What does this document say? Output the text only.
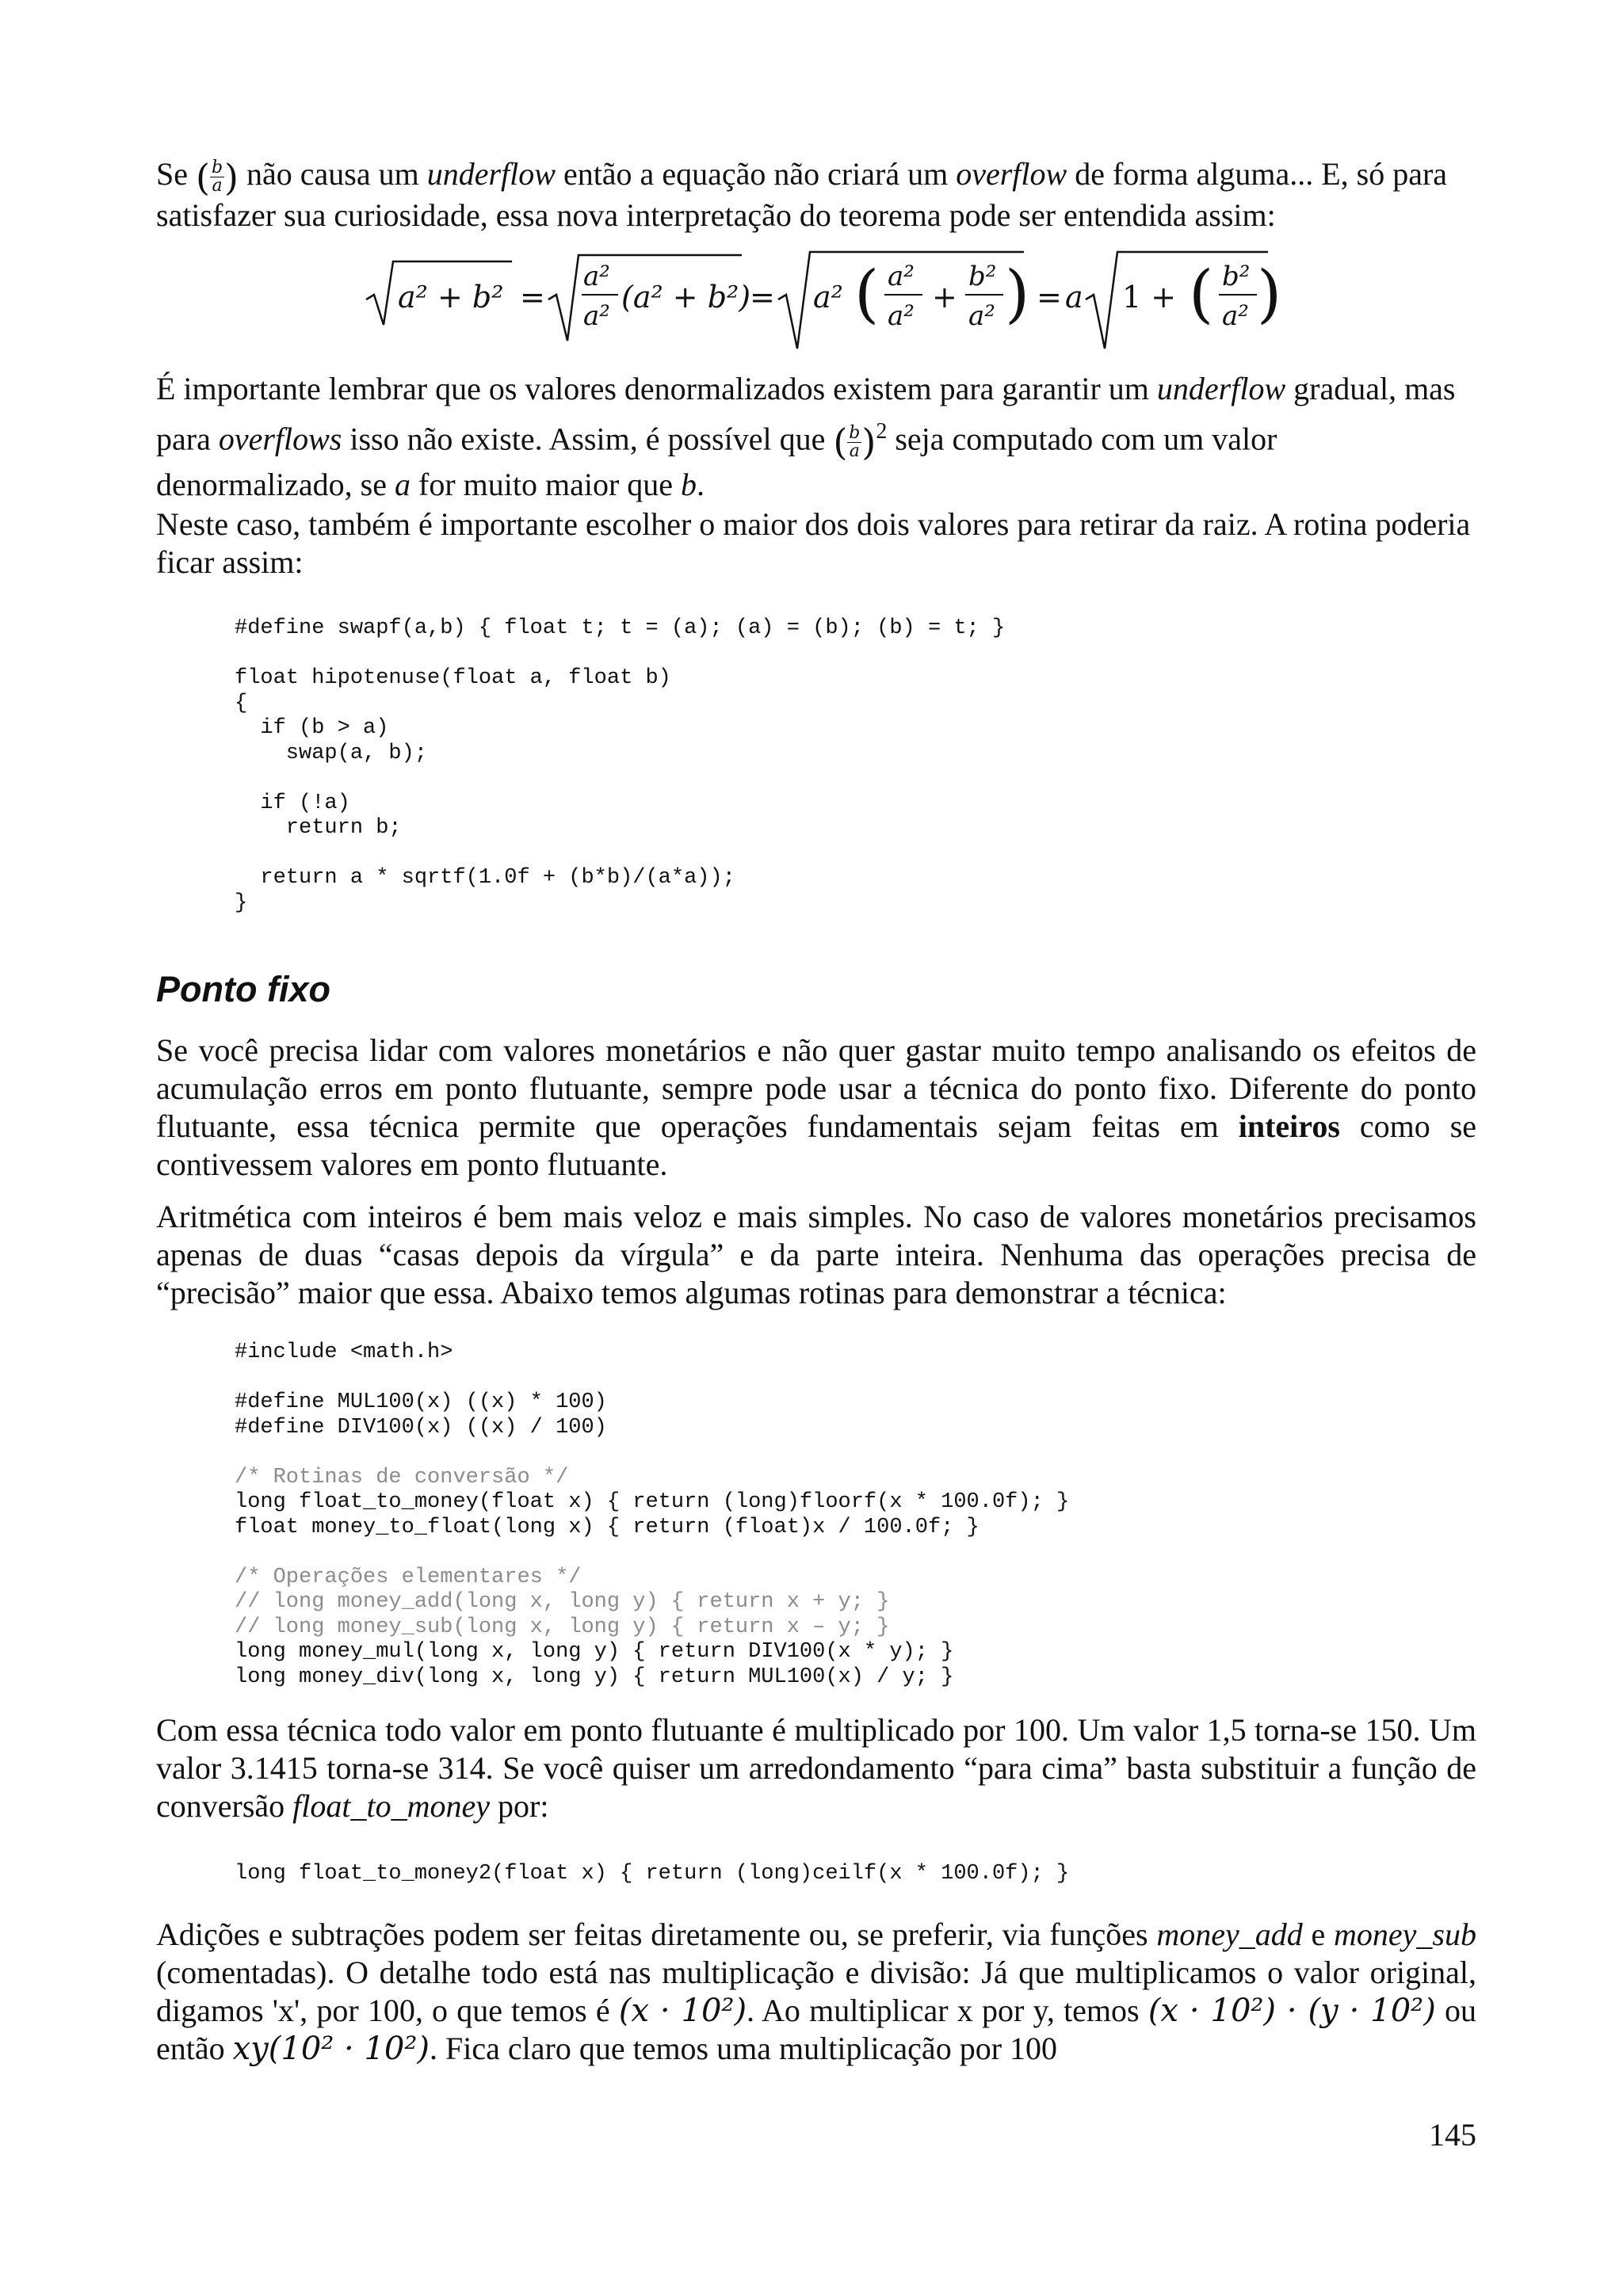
Se ( $\frac{b}{a}$ ) não causa um underflow então a equação não criará um overflow de forma alguma... E, só para satisfazer sua curiosidade, essa nova interpretação do teorema pode ser entendida assim:

a² + b² =
a²
a²
(a² + b²)
= a² ( a²
a²
+
b²
a² ) = a 1 + ( b²
a² )

É importante lembrar que os valores denormalizados existem para garantir um underflow gradual, mas para overflows isso não existe. Assim, é possível que ( $\frac{b}{a} )^2$ seja computado com um valor denormalizado, se a for muito maior que b.

Neste caso, também é importante escolher o maior dos dois valores para retirar da raiz. A rotina poderia ficar assim:

#define swapf(a,b) { float t; t = (a); (a) = (b); (b) = t; }
float hipotenuse(float a, float b)
{
if (b > a)
swap(a, b);
if (!a)
return b;
return a * sqrtf(1.0f + (b*b)/(a*a));
}
Ponto fixo

Se você precisa lidar com valores monetários e não quer gastar muito tempo analisando os efeitos de acumulação erros em ponto flutuante, sempre pode usar a técnica do ponto fixo. Diferente do ponto flutuante, essa técnica permite que operações fundamentais sejam feitas em inteiros como se contivessem valores em ponto flutuante.

Aritmética com inteiros é bem mais veloz e mais simples. No caso de valores monetários precisamos apenas de duas “casas depois da vírgula” e da parte inteira. Nenhuma das operações precisa de “precisão” maior que essa. Abaixo temos algumas rotinas para demonstrar a técnica:

#include <math.h>
#define MUL100(x) ((x) * 100)
#define DIV100(x) ((x) / 100)
/* Rotinas de conversão */
long float_to_money(float x) { return (long)floorf(x * 100.0f); }
float money_to_float(long x) { return (float)x / 100.0f; }
/* Operações elementares */
// long money_add(long x, long y) { return x + y; }
// long money_sub(long x, long y) { return x – y; }
long money_mul(long x, long y) { return DIV100(x * y); }
long money_div(long x, long y) { return MUL100(x) / y; }

Com essa técnica todo valor em ponto flutuante é multiplicado por 100. Um valor 1,5 torna-se 150. Um valor 3.1415 torna-se 314. Se você quiser um arredondamento “para cima” basta substituir a função de conversão float_to_money por:

long float_to_money2(float x) { return (long)ceilf(x * 100.0f); }

Adições e subtrações podem ser feitas diretamente ou, se preferir, via funções money_add e money_sub (comentadas). O detalhe todo está nas multiplicação e divisão: Já que multiplicamos o valor original, digamos 'x', por 100, o que temos é (x · 10²). Ao multiplicar x por y, temos (x · 10²) · (y · 10²) ou então xy(10² · 10²). Fica claro que temos uma multiplicação por 100

145
